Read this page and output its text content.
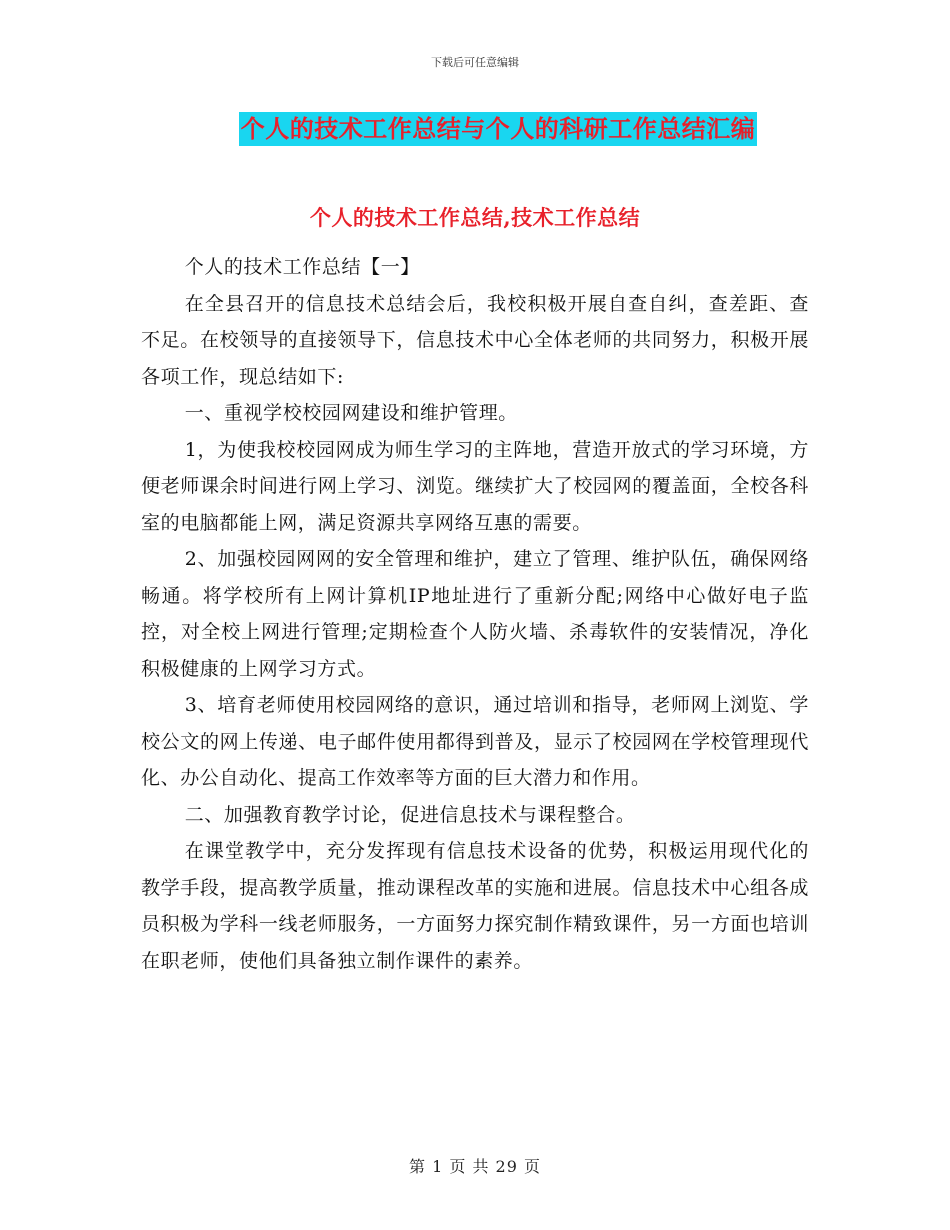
下载后可任意编辑
个人的技术工作总结与个人的科研工作总结汇编
个人的技术工作总结,技术工作总结

个人的技术工作总结【一】

在全县召开的信息技术总结会后，我校积极开展自查自纠，查差距、查不足。在校领导的直接领导下，信息技术中心全体老师的共同努力，积极开展各项工作，现总结如下:

一、重视学校校园网建设和维护管理。

1，为使我校校园网成为师生学习的主阵地，营造开放式的学习环境，方便老师课余时间进行网上学习、浏览。继续扩大了校园网的覆盖面，全校各科室的电脑都能上网，满足资源共享网络互惠的需要。

2、加强校园网网的安全管理和维护，建立了管理、维护队伍，确保网络畅通。将学校所有上网计算机IP地址进行了重新分配;网络中心做好电子监控，对全校上网进行管理;定期检查个人防火墙、杀毒软件的安装情况，净化积极健康的上网学习方式。

3、培育老师使用校园网络的意识，通过培训和指导，老师网上浏览、学校公文的网上传递、电子邮件使用都得到普及，显示了校园网在学校管理现代化、办公自动化、提高工作效率等方面的巨大潜力和作用。

二、加强教育教学讨论，促进信息技术与课程整合。

在课堂教学中，充分发挥现有信息技术设备的优势，积极运用现代化的教学手段，提高教学质量，推动课程改革的实施和进展。信息技术中心组各成员积极为学科一线老师服务，一方面努力探究制作精致课件，另一方面也培训在职老师，使他们具备独立制作课件的素养。

第 1 页 共 29 页
